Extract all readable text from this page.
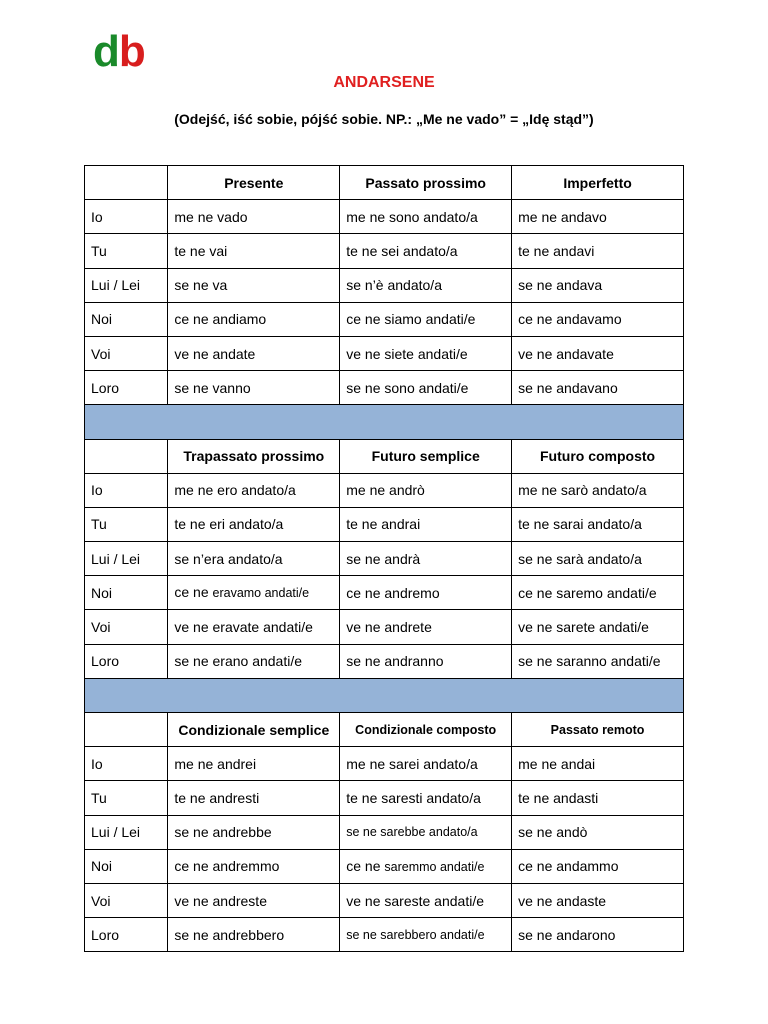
db
ANDARSENE
(Odejść, iść sobie, pójść sobie. NP.: „Me ne vado” = „Idę stąd”)
	Presente	Passato prossimo	Imperfetto
Io	me ne vado	me ne sono andato/a	me ne andavo
Tu	te ne vai	te ne sei andato/a	te ne andavi
Lui / Lei	se ne va	se n’è andato/a	se ne andava
Noi	ce ne andiamo	ce ne siamo andati/e	ce ne andavamo
Voi	ve ne andate	ve ne siete andati/e	ve ne andavate
Loro	se ne vanno	se ne sono andati/e	se ne andavano

	Trapassato prossimo	Futuro semplice	Futuro composto
Io	me ne ero andato/a	me ne andrò	me ne sarò andato/a
Tu	te ne eri andato/a	te ne andrai	te ne sarai andato/a
Lui / Lei	se n’era andato/a	se ne andrà	se ne sarà andato/a
Noi	ce ne eravamo andati/e	ce ne andremo	ce ne saremo andati/e
Voi	ve ne eravate andati/e	ve ne andrete	ve ne sarete andati/e
Loro	se ne erano andati/e	se ne andranno	se ne saranno andati/e

	Condizionale semplice	Condizionale composto	Passato remoto
Io	me ne andrei	me ne sarei andato/a	me ne andai
Tu	te ne andresti	te ne saresti andato/a	te ne andasti
Lui / Lei	se ne andrebbe	se ne sarebbe andato/a	se ne andò
Noi	ce ne andremmo	ce ne saremmo andati/e	ce ne andammo
Voi	ve ne andreste	ve ne sareste andati/e	ve ne andaste
Loro	se ne andrebbero	se ne sarebbero andati/e	se ne andarono
